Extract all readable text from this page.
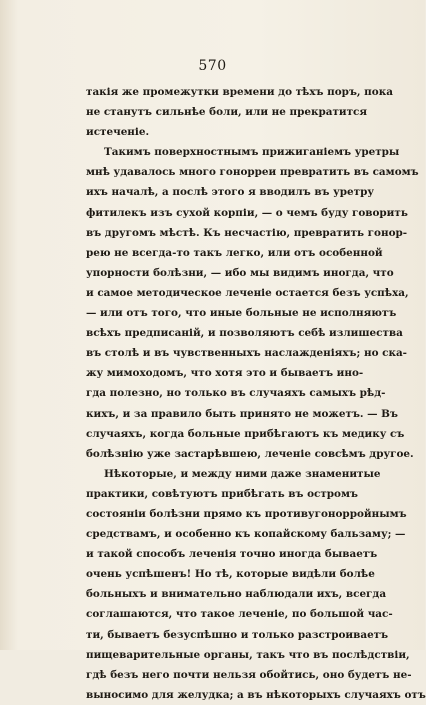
570
такія же промежутки времени до тѣхъ поръ, пока
не станутъ сильнѣе боли, или не прекратится
истеченіе.
Такимъ поверхностнымъ прижиганіемъ уретры
мнѣ удавалось много гонорреи превратить въ самомъ
ихъ началѣ, а послѣ этого я вводилъ въ уретру
фитилекъ изъ сухой корпіи, — о чемъ буду говорить
въ другомъ мѣстѣ. Къ несчастію, превратить гонор-
рею не всегда-то такъ легко, или отъ особенной
упорности болѣзни, — ибо мы видимъ иногда, что
и самое методическое леченіе остается безъ успѣха,
— или отъ того, что иные больные не исполняютъ
всѣхъ предписаній, и позволяютъ себѣ излишества
въ столѣ и въ чувственныхъ наслажденіяхъ; но ска-
жу мимоходомъ, что хотя это и бываетъ ино-
гда полезно, но только въ случаяхъ самыхъ рѣд-
кихъ, и за правило быть принято не можетъ. — Въ
случаяхъ, когда больные прибѣгаютъ къ медику съ
болѣзнію уже застарѣвшею, леченіе совсѣмъ другое.
Нѣкоторые, и между ними даже знаменитые
практики, совѣтуютъ прибѣгать въ остромъ
состояніи болѣзни прямо къ противугонорройнымъ
средствамъ, и особенно къ копайскому бальзаму; —
и такой способъ леченія точно иногда бываетъ
очень успѣшенъ! Но тѣ, которые видѣли болѣе
больныхъ и внимательно наблюдали ихъ, всегда
соглашаются, что такое леченіе, по большой час-
ти, бываетъ безуспѣшно и только разстроиваетъ
пищеварительные органы, такъ что въ послѣдствіи,
гдѣ безъ него почти нельзя обойтись, оно будетъ не-
выносимо для желудка; а въ нѣкоторыхъ случаяхъ отъ
